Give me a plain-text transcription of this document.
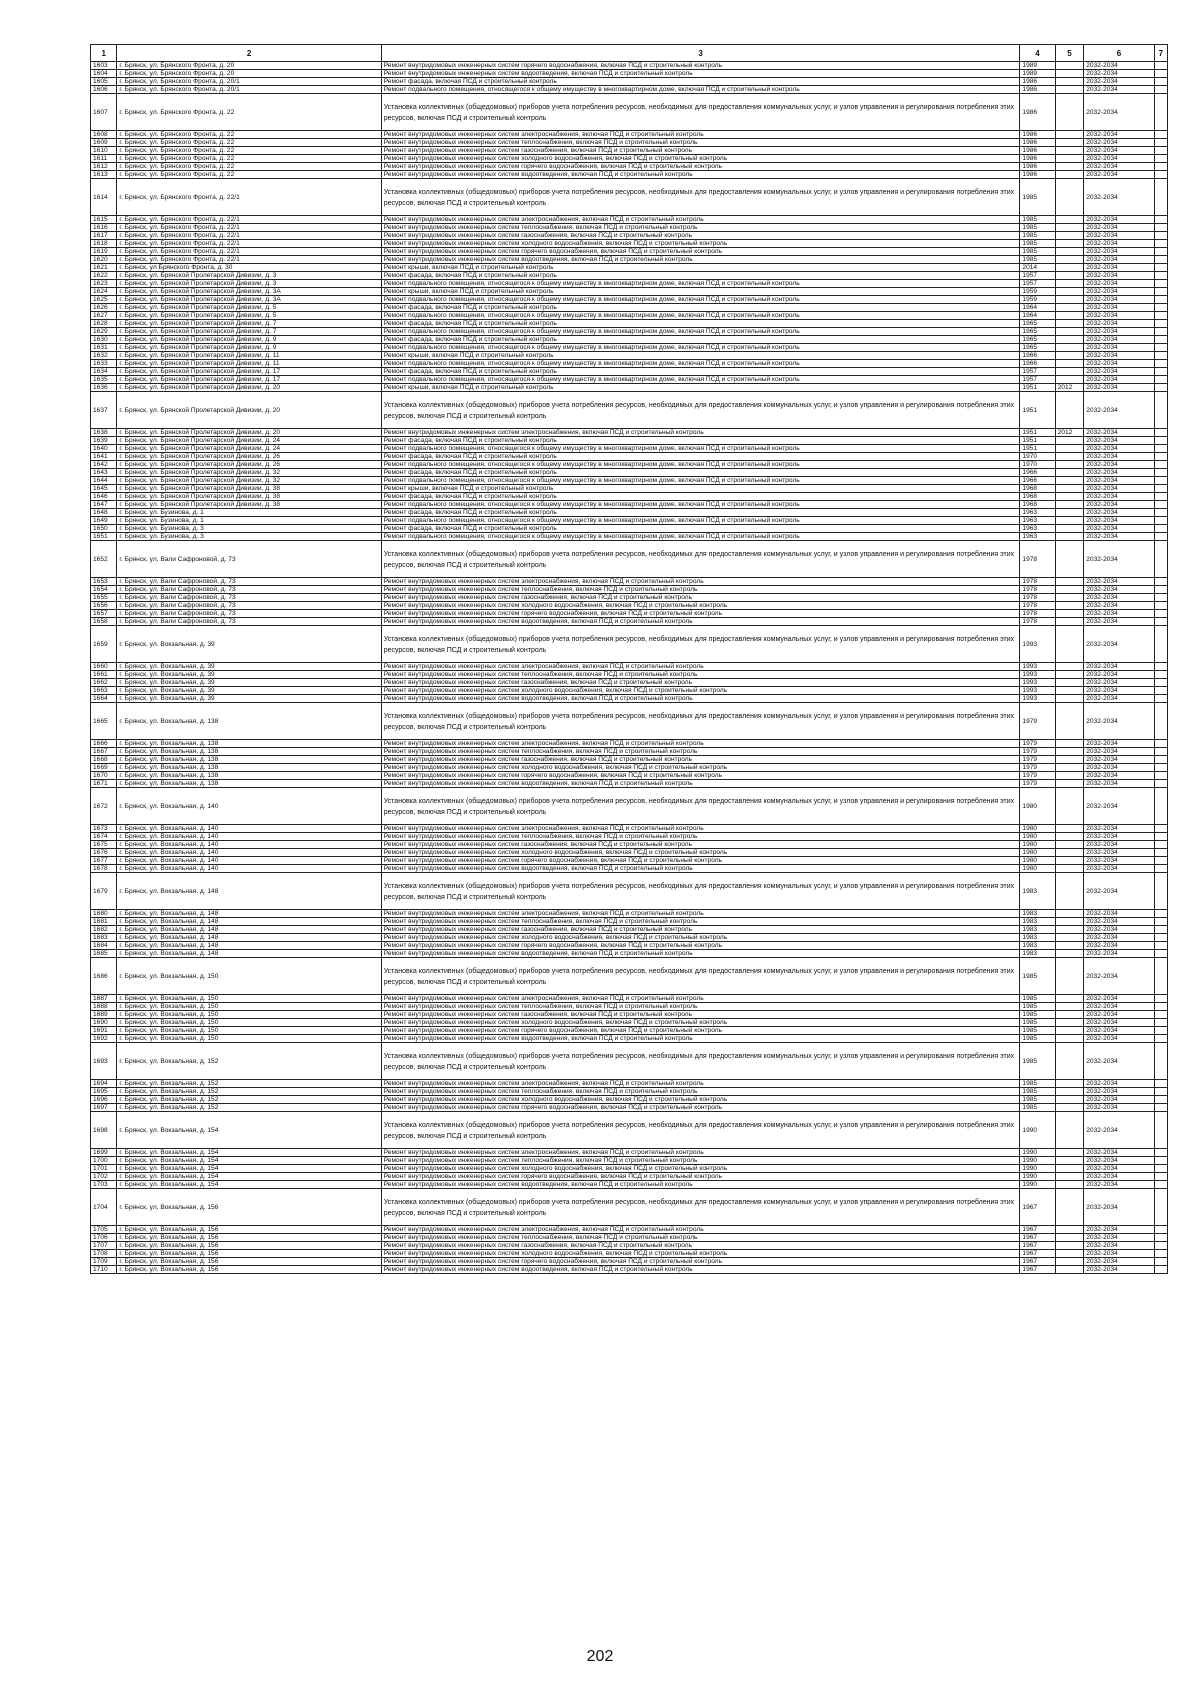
1	2	3	4	5	6	7
1603	г. Брянск, ул. Брянского Фронта, д. 20	Ремонт внутридомовых инженерных систем горячего водоснабжения, включая ПСД и строительный контроль	1989		2032-2034	
1604	г. Брянск, ул. Брянского Фронта, д. 20	Ремонт внутридомовых инженерных систем водоотведения, включая ПСД и строительный контроль	1989		2032-2034	
1605	г. Брянск, ул. Брянского Фронта, д. 20/1	Ремонт фасада, включая ПСД и строительный контроль	1986		2032-2034	
1606	г. Брянск, ул. Брянского Фронта, д. 20/1	Ремонт подвального помещения, относящегося к общему имуществу в многоквартирном доме, включая ПСД и строительный контроль	1986		2032-2034	
1607	г. Брянск, ул. Брянского Фронта, д. 22	Установка коллективных (общедомовых) приборов учета потребления ресурсов, необходимых для предоставления коммунальных услуг, и узлов управления и регулирования потребления этих ресурсов, включая ПСД и строительный контроль	1986		2032-2034	
1608	г. Брянск, ул. Брянского Фронта, д. 22	Ремонт внутридомовых инженерных систем электроснабжения, включая ПСД и строительный контроль	1986		2032-2034	
1609	г. Брянск, ул. Брянского Фронта, д. 22	Ремонт внутридомовых инженерных систем теплоснабжения, включая ПСД и строительный контроль	1986		2032-2034	
1610	г. Брянск, ул. Брянского Фронта, д. 22	Ремонт внутридомовых инженерных систем газоснабжения, включая ПСД и строительный контроль	1986		2032-2034	
1611	г. Брянск, ул. Брянского Фронта, д. 22	Ремонт внутридомовых инженерных систем холодного водоснабжения, включая ПСД и строительный контроль	1986		2032-2034	
1612	г. Брянск, ул. Брянского Фронта, д. 22	Ремонт внутридомовых инженерных систем горячего водоснабжения, включая ПСД и строительный контроль	1986		2032-2034	
1613	г. Брянск, ул. Брянского Фронта, д. 22	Ремонт внутридомовых инженерных систем водоотведения, включая ПСД и строительный контроль	1986		2032-2034	
1614	г. Брянск, ул. Брянского Фронта, д. 22/1	Установка коллективных (общедомовых) приборов учета потребления ресурсов, необходимых для предоставления коммунальных услуг, и узлов управления и регулирования потребления этих ресурсов, включая ПСД и строительный контроль	1985		2032-2034	
1615	г. Брянск, ул. Брянского Фронта, д. 22/1	Ремонт внутридомовых инженерных систем электроснабжения, включая ПСД и строительный контроль	1985		2032-2034	
1616	г. Брянск, ул. Брянского Фронта, д. 22/1	Ремонт внутридомовых инженерных систем теплоснабжения, включая ПСД и строительный контроль	1985		2032-2034	
1617	г. Брянск, ул. Брянского Фронта, д. 22/1	Ремонт внутридомовых инженерных систем газоснабжения, включая ПСД и строительный контроль	1985		2032-2034	
1618	г. Брянск, ул. Брянского Фронта, д. 22/1	Ремонт внутридомовых инженерных систем холодного водоснабжения, включая ПСД и строительный контроль	1985		2032-2034	
1619	г. Брянск, ул. Брянского Фронта, д. 22/1	Ремонт внутридомовых инженерных систем горячего водоснабжения, включая ПСД и строительный контроль	1985		2032-2034	
1620	г. Брянск, ул. Брянского Фронта, д. 22/1	Ремонт внутридомовых инженерных систем водоотведения, включая ПСД и строительный контроль	1985		2032-2034	
1621	г. Брянск, ул Брянского Фронта, д. 30	Ремонт крыши, включая ПСД и строительный контроль	2014		2032-2034	
1622	г. Брянск, ул. Брянской Пролетарской Дивизии, д. 3	Ремонт фасада, включая ПСД и строительный контроль	1957		2032-2034	
1623	г. Брянск, ул. Брянской Пролетарской Дивизии, д. 3	Ремонт подвального помещения, относящегося к общему имуществу в многоквартирном доме, включая ПСД и строительный контроль	1957		2032-2034	
1624	г. Брянск, ул. Брянской Пролетарской Дивизии, д. 3А	Ремонт крыши, включая ПСД и строительный контроль	1959		2032-2034	
1625	г. Брянск, ул. Брянской Пролетарской Дивизии, д. 3А	Ремонт подвального помещения, относящегося к общему имуществу в многоквартирном доме, включая ПСД и строительный контроль	1959		2032-2034	
1626	г. Брянск, ул. Брянской Пролетарской Дивизии, д. 5	Ремонт фасада, включая ПСД и строительный контроль	1964		2032-2034	
1627	г. Брянск, ул. Брянской Пролетарской Дивизии, д. 5	Ремонт подвального помещения, относящегося к общему имуществу в многоквартирном доме, включая ПСД и строительный контроль	1964		2032-2034	
1628	г. Брянск, ул. Брянской Пролетарской Дивизии, д. 7	Ремонт фасада, включая ПСД и строительный контроль	1965		2032-2034	
1629	г. Брянск, ул. Брянской Пролетарской Дивизии, д. 7	Ремонт подвального помещения, относящегося к общему имуществу в многоквартирном доме, включая ПСД и строительный контроль	1965		2032-2034	
1630	г. Брянск, ул. Брянской Пролетарской Дивизии, д. 9	Ремонт фасада, включая ПСД и строительный контроль	1965		2032-2034	
1631	г. Брянск, ул. Брянской Пролетарской Дивизии, д. 9	Ремонт подвального помещения, относящегося к общему имуществу в многоквартирном доме, включая ПСД и строительный контроль	1965		2032-2034	
1632	г. Брянск, ул. Брянской Пролетарской Дивизии, д. 11	Ремонт крыши, включая ПСД и строительный контроль	1966		2032-2034	
1633	г. Брянск, ул. Брянской Пролетарской Дивизии, д. 11	Ремонт подвального помещения, относящегося к общему имуществу в многоквартирном доме, включая ПСД и строительный контроль	1966		2032-2034	
1634	г. Брянск, ул. Брянской Пролетарской Дивизии, д. 17	Ремонт фасада, включая ПСД и строительный контроль	1957		2032-2034	
1635	г. Брянск, ул. Брянской Пролетарской Дивизии, д. 17	Ремонт подвального помещения, относящегося к общему имуществу в многоквартирном доме, включая ПСД и строительный контроль	1957		2032-2034	
1636	г. Брянск, ул. Брянской Пролетарской Дивизии, д. 20	Ремонт крыши, включая ПСД и строительный контроль	1951	2012	2032-2034	
1637	г. Брянск, ул. Брянской Пролетарской Дивизии, д. 20	Установка коллективных (общедомовых) приборов учета потребления ресурсов, необходимых для предоставления коммунальных услуг, и узлов управления и регулирования потребления этих ресурсов, включая ПСД и строительный контроль	1951		2032-2034	
1638	г. Брянск, ул. Брянской Пролетарской Дивизии, д. 20	Ремонт внутридомовых инженерных систем электроснабжения, включая ПСД и строительный контроль	1951	2012	2032-2034	
1639	г. Брянск, ул. Брянской Пролетарской Дивизии, д. 24	Ремонт фасада, включая ПСД и строительный контроль	1951		2032-2034	
1640	г. Брянск, ул. Брянской Пролетарской Дивизии, д. 24	Ремонт подвального помещения, относящегося к общему имуществу в многоквартирном доме, включая ПСД и строительный контроль	1951		2032-2034	
1641	г. Брянск, ул. Брянской Пролетарской Дивизии, д. 26	Ремонт фасада, включая ПСД и строительный контроль	1970		2032-2034	
1642	г. Брянск, ул. Брянской Пролетарской Дивизии, д. 26	Ремонт подвального помещения, относящегося к общему имуществу в многоквартирном доме, включая ПСД и строительный контроль	1970		2032-2034	
1643	г. Брянск, ул. Брянской Пролетарской Дивизии, д. 32	Ремонт фасада, включая ПСД и строительный контроль	1966		2032-2034	
1644	г. Брянск, ул. Брянской Пролетарской Дивизии, д. 32	Ремонт подвального помещения, относящегося к общему имуществу в многоквартирном доме, включая ПСД и строительный контроль	1966		2032-2034	
1645	г. Брянск, ул. Брянской Пролетарской Дивизии, д. 38	Ремонт крыши, включая ПСД и строительный контроль	1968		2032-2034	
1646	г. Брянск, ул. Брянской Пролетарской Дивизии, д. 38	Ремонт фасада, включая ПСД и строительный контроль	1968		2032-2034	
1647	г. Брянск, ул. Брянской Пролетарской Дивизии, д. 38	Ремонт подвального помещения, относящегося к общему имуществу в многоквартирном доме, включая ПСД и строительный контроль	1968		2032-2034	
1648	г. Брянск, ул. Бузинова, д. 1	Ремонт фасада, включая ПСД и строительный контроль	1963		2032-2034	
1649	г. Брянск, ул. Бузинова, д. 1	Ремонт подвального помещения, относящегося к общему имуществу в многоквартирном доме, включая ПСД и строительный контроль	1963		2032-2034	
1650	г. Брянск, ул. Бузинова, д. 3	Ремонт фасада, включая ПСД и строительный контроль	1963		2032-2034	
1651	г. Брянск, ул. Бузинова, д. 3	Ремонт подвального помещения, относящегося к общему имуществу в многоквартирном доме, включая ПСД и строительный контроль	1963		2032-2034	
1652	г. Брянск, ул. Вали Сафроновой, д. 73	Установка коллективных (общедомовых) приборов учета потребления ресурсов, необходимых для предоставления коммунальных услуг, и узлов управления и регулирования потребления этих ресурсов, включая ПСД и строительный контроль	1978		2032-2034	
1653	г. Брянск, ул. Вали Сафроновой, д. 73	Ремонт внутридомовых инженерных систем электроснабжения, включая ПСД и строительный контроль	1978		2032-2034	
1654	г. Брянск, ул. Вали Сафроновой, д. 73	Ремонт внутридомовых инженерных систем теплоснабжения, включая ПСД и строительный контроль	1978		2032-2034	
1655	г. Брянск, ул. Вали Сафроновой, д. 73	Ремонт внутридомовых инженерных систем газоснабжения, включая ПСД и строительный контроль	1978		2032-2034	
1656	г. Брянск, ул. Вали Сафроновой, д. 73	Ремонт внутридомовых инженерных систем холодного водоснабжения, включая ПСД и строительный контроль	1978		2032-2034	
1657	г. Брянск, ул. Вали Сафроновой, д. 73	Ремонт внутридомовых инженерных систем горячего водоснабжения, включая ПСД и строительный контроль	1978		2032-2034	
1658	г. Брянск, ул. Вали Сафроновой, д. 73	Ремонт внутридомовых инженерных систем водоотведения, включая ПСД и строительный контроль	1978		2032-2034	
1659	г. Брянск, ул. Вокзальная, д. 39	Установка коллективных (общедомовых) приборов учета потребления ресурсов, необходимых для предоставления коммунальных услуг, и узлов управления и регулирования потребления этих ресурсов, включая ПСД и строительный контроль	1993		2032-2034	
1660	г. Брянск, ул. Вокзальная, д. 39	Ремонт внутридомовых инженерных систем электроснабжения, включая ПСД и строительный контроль	1993		2032-2034	
1661	г. Брянск, ул. Вокзальная, д. 39	Ремонт внутридомовых инженерных систем теплоснабжения, включая ПСД и строительный контроль	1993		2032-2034	
1662	г. Брянск, ул. Вокзальная, д. 39	Ремонт внутридомовых инженерных систем газоснабжения, включая ПСД и строительный контроль	1993		2032-2034	
1663	г. Брянск, ул. Вокзальная, д. 39	Ремонт внутридомовых инженерных систем холодного водоснабжения, включая ПСД и строительный контроль	1993		2032-2034	
1664	г. Брянск, ул. Вокзальная, д. 39	Ремонт внутридомовых инженерных систем водоотведения, включая ПСД и строительный контроль	1993		2032-2034	
1665	г. Брянск, ул. Вокзальная, д. 138	Установка коллективных (общедомовых) приборов учета потребления ресурсов, необходимых для предоставления коммунальных услуг, и узлов управления и регулирования потребления этих ресурсов, включая ПСД и строительный контроль	1979		2032-2034	
1666	г. Брянск, ул. Вокзальная, д. 138	Ремонт внутридомовых инженерных систем электроснабжения, включая ПСД и строительный контроль	1979		2032-2034	
1667	г. Брянск, ул. Вокзальная, д. 138	Ремонт внутридомовых инженерных систем теплоснабжения, включая ПСД и строительный контроль	1979		2032-2034	
1668	г. Брянск, ул. Вокзальная, д. 138	Ремонт внутридомовых инженерных систем газоснабжения, включая ПСД и строительный контроль	1979		2032-2034	
1669	г. Брянск, ул. Вокзальная, д. 138	Ремонт внутридомовых инженерных систем холодного водоснабжения, включая ПСД и строительный контроль	1979		2032-2034	
1670	г. Брянск, ул. Вокзальная, д. 138	Ремонт внутридомовых инженерных систем горячего водоснабжения, включая ПСД и строительный контроль	1979		2032-2034	
1671	г. Брянск, ул. Вокзальная, д. 138	Ремонт внутридомовых инженерных систем водоотведения, включая ПСД и строительный контроль	1979		2032-2034	
1672	г. Брянск, ул. Вокзальная, д. 140	Установка коллективных (общедомовых) приборов учета потребления ресурсов, необходимых для предоставления коммунальных услуг, и узлов управления и регулирования потребления этих ресурсов, включая ПСД и строительный контроль	1980		2032-2034	
1673	г. Брянск, ул. Вокзальная, д. 140	Ремонт внутридомовых инженерных систем электроснабжения, включая ПСД и строительный контроль	1980		2032-2034	
1674	г. Брянск, ул. Вокзальная, д. 140	Ремонт внутридомовых инженерных систем теплоснабжения, включая ПСД и строительный контроль	1980		2032-2034	
1675	г. Брянск, ул. Вокзальная, д. 140	Ремонт внутридомовых инженерных систем газоснабжения, включая ПСД и строительный контроль	1980		2032-2034	
1676	г. Брянск, ул. Вокзальная, д. 140	Ремонт внутридомовых инженерных систем холодного водоснабжения, включая ПСД и строительный контроль	1980		2032-2034	
1677	г. Брянск, ул. Вокзальная, д. 140	Ремонт внутридомовых инженерных систем горячего водоснабжения, включая ПСД и строительный контроль	1980		2032-2034	
1678	г. Брянск, ул. Вокзальная, д. 140	Ремонт внутридомовых инженерных систем водоотведения, включая ПСД и строительный контроль	1980		2032-2034	
1679	г. Брянск, ул. Вокзальная, д. 148	Установка коллективных (общедомовых) приборов учета потребления ресурсов, необходимых для предоставления коммунальных услуг, и узлов управления и регулирования потребления этих ресурсов, включая ПСД и строительный контроль	1983		2032-2034	
1680	г. Брянск, ул. Вокзальная, д. 148	Ремонт внутридомовых инженерных систем электроснабжения, включая ПСД и строительный контроль	1983		2032-2034	
1681	г. Брянск, ул. Вокзальная, д. 148	Ремонт внутридомовых инженерных систем теплоснабжения, включая ПСД и строительный контроль	1983		2032-2034	
1682	г. Брянск, ул. Вокзальная, д. 148	Ремонт внутридомовых инженерных систем газоснабжения, включая ПСД и строительный контроль	1983		2032-2034	
1683	г. Брянск, ул. Вокзальная, д. 148	Ремонт внутридомовых инженерных систем холодного водоснабжения, включая ПСД и строительный контроль	1983		2032-2034	
1684	г. Брянск, ул. Вокзальная, д. 148	Ремонт внутридомовых инженерных систем горячего водоснабжения, включая ПСД и строительный контроль	1983		2032-2034	
1685	г. Брянск, ул. Вокзальная, д. 148	Ремонт внутридомовых инженерных систем водоотведения, включая ПСД и строительный контроль	1983		2032-2034	
1686	г. Брянск, ул. Вокзальная, д. 150	Установка коллективных (общедомовых) приборов учета потребления ресурсов, необходимых для предоставления коммунальных услуг, и узлов управления и регулирования потребления этих ресурсов, включая ПСД и строительный контроль	1985		2032-2034	
1687	г. Брянск, ул. Вокзальная, д. 150	Ремонт внутридомовых инженерных систем электроснабжения, включая ПСД и строительный контроль	1985		2032-2034	
1688	г. Брянск, ул. Вокзальная, д. 150	Ремонт внутридомовых инженерных систем теплоснабжения, включая ПСД и строительный контроль	1985		2032-2034	
1689	г. Брянск, ул. Вокзальная, д. 150	Ремонт внутридомовых инженерных систем газоснабжения, включая ПСД и строительный контроль	1985		2032-2034	
1690	г. Брянск, ул. Вокзальная, д. 150	Ремонт внутридомовых инженерных систем холодного водоснабжения, включая ПСД и строительный контроль	1985		2032-2034	
1691	г. Брянск, ул. Вокзальная, д. 150	Ремонт внутридомовых инженерных систем горячего водоснабжения, включая ПСД и строительный контроль	1985		2032-2034	
1692	г. Брянск, ул. Вокзальная, д. 150	Ремонт внутридомовых инженерных систем водоотведения, включая ПСД и строительный контроль	1985		2032-2034	
1693	г. Брянск, ул. Вокзальная, д. 152	Установка коллективных (общедомовых) приборов учета потребления ресурсов, необходимых для предоставления коммунальных услуг, и узлов управления и регулирования потребления этих ресурсов, включая ПСД и строительный контроль	1985		2032-2034	
1694	г. Брянск, ул. Вокзальная, д. 152	Ремонт внутридомовых инженерных систем электроснабжения, включая ПСД и строительный контроль	1985		2032-2034	
1695	г. Брянск, ул. Вокзальная, д. 152	Ремонт внутридомовых инженерных систем теплоснабжения, включая ПСД и строительный контроль	1985		2032-2034	
1696	г. Брянск, ул. Вокзальная, д. 152	Ремонт внутридомовых инженерных систем холодного водоснабжения, включая ПСД и строительный контроль	1985		2032-2034	
1697	г. Брянск, ул. Вокзальная, д. 152	Ремонт внутридомовых инженерных систем горячего водоснабжения, включая ПСД и строительный контроль	1985		2032-2034	
1698	г. Брянск, ул. Вокзальная, д. 154	Установка коллективных (общедомовых) приборов учета потребления ресурсов, необходимых для предоставления коммунальных услуг, и узлов управления и регулирования потребления этих ресурсов, включая ПСД и строительный контроль	1990		2032-2034	
1699	г. Брянск, ул. Вокзальная, д. 154	Ремонт внутридомовых инженерных систем электроснабжения, включая ПСД и строительный контроль	1990		2032-2034	
1700	г. Брянск, ул. Вокзальная, д. 154	Ремонт внутридомовых инженерных систем теплоснабжения, включая ПСД и строительный контроль	1990		2032-2034	
1701	г. Брянск, ул. Вокзальная, д. 154	Ремонт внутридомовых инженерных систем холодного водоснабжения, включая ПСД и строительный контроль	1990		2032-2034	
1702	г. Брянск, ул. Вокзальная, д. 154	Ремонт внутридомовых инженерных систем горячего водоснабжения, включая ПСД и строительный контроль	1990		2032-2034	
1703	г. Брянск, ул. Вокзальная, д. 154	Ремонт внутридомовых инженерных систем водоотведения, включая ПСД и строительный контроль	1990		2032-2034	
1704	г. Брянск, ул. Вокзальная, д. 156	Установка коллективных (общедомовых) приборов учета потребления ресурсов, необходимых для предоставления коммунальных услуг, и узлов управления и регулирования потребления этих ресурсов, включая ПСД и строительный контроль	1967		2032-2034	
1705	г. Брянск, ул. Вокзальная, д. 156	Ремонт внутридомовых инженерных систем электроснабжения, включая ПСД и строительный контроль	1967		2032-2034	
1706	г. Брянск, ул. Вокзальная, д. 156	Ремонт внутридомовых инженерных систем теплоснабжения, включая ПСД и строительный контроль	1967		2032-2034	
1707	г. Брянск, ул. Вокзальная, д. 156	Ремонт внутридомовых инженерных систем газоснабжения, включая ПСД и строительный контроль	1967		2032-2034	
1708	г. Брянск, ул. Вокзальная, д. 156	Ремонт внутридомовых инженерных систем холодного водоснабжения, включая ПСД и строительный контроль	1967		2032-2034	
1709	г. Брянск, ул. Вокзальная, д. 156	Ремонт внутридомовых инженерных систем горячего водоснабжения, включая ПСД и строительный контроль	1967		2032-2034	
1710	г. Брянск, ул. Вокзальная, д. 156	Ремонт внутридомовых инженерных систем водоотведения, включая ПСД и строительный контроль	1967		2032-2034	
202
